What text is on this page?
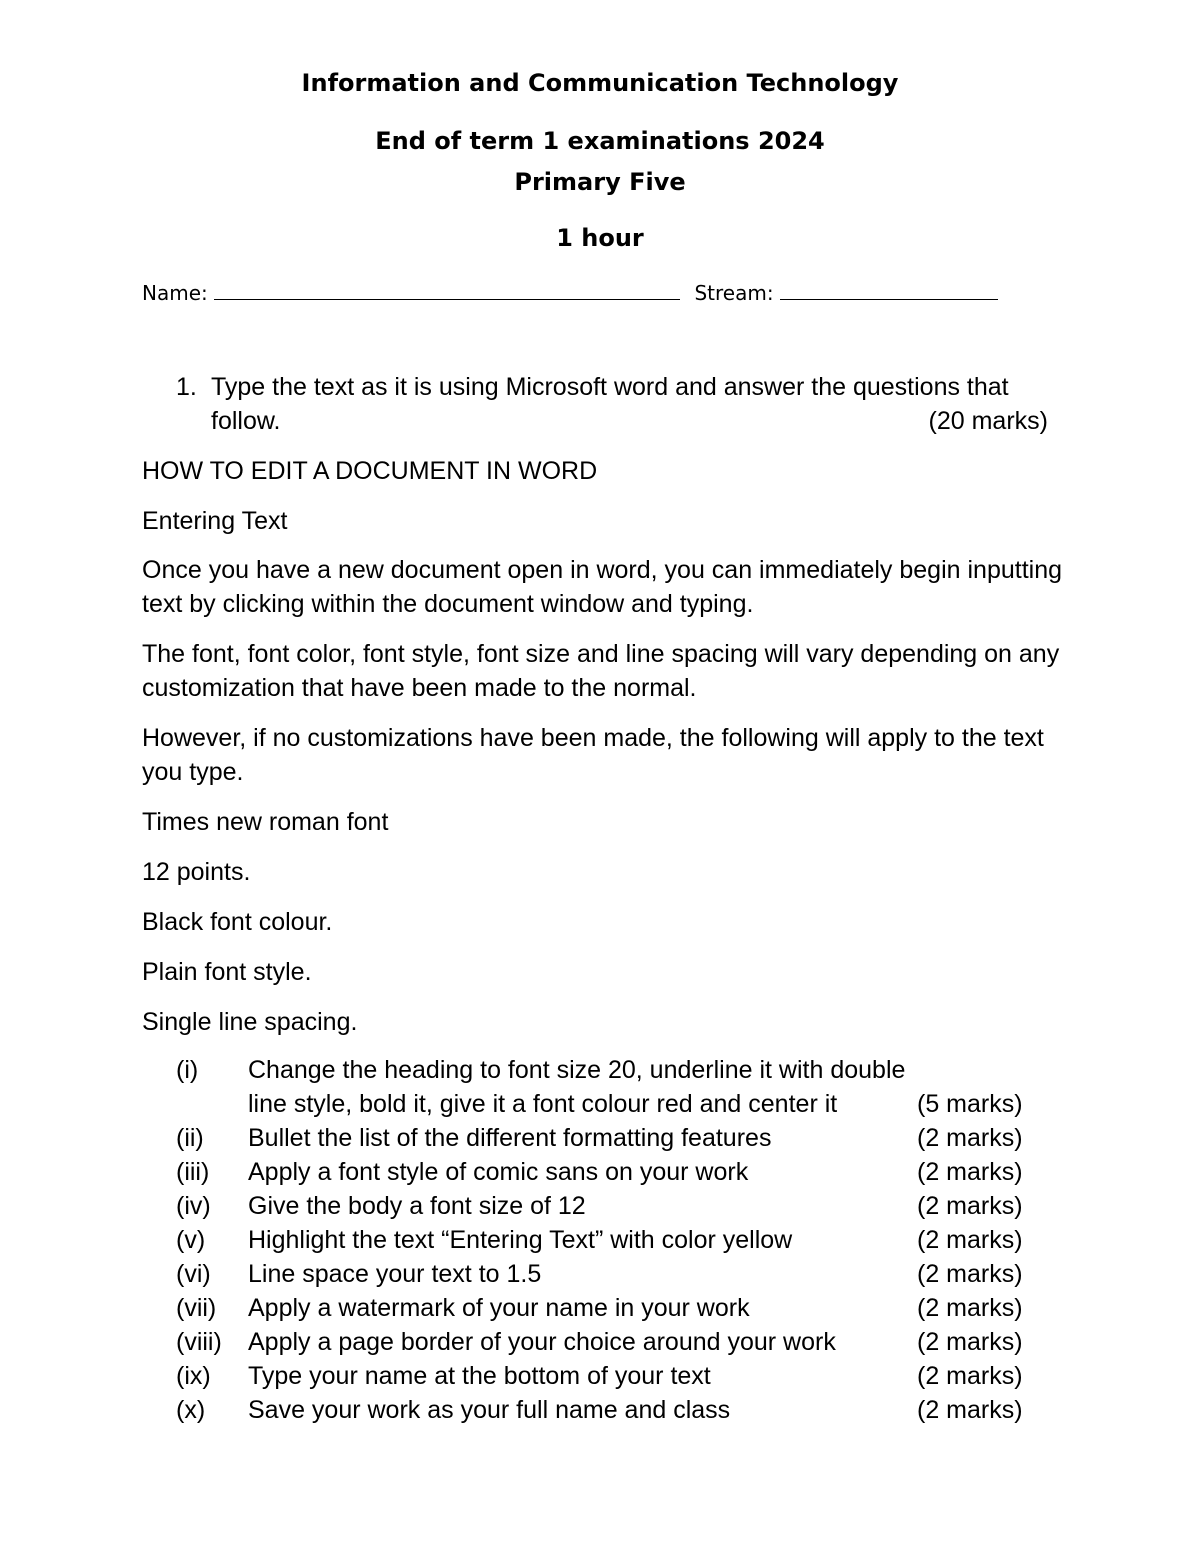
Information and Communication Technology
End of term 1 examinations 2024
Primary Five
1 hour
Name:	Stream:
1. Type the text as it is using Microsoft word and answer the questions that follow.	(20 marks)

HOW TO EDIT A DOCUMENT IN WORD

Entering Text

Once you have a new document open in word, you can immediately begin inputting text by clicking within the document window and typing.

The font, font color, font style, font size and line spacing will vary depending on any customization that have been made to the normal.

However, if no customizations have been made, the following will apply to the text you type.

Times new roman font

12 points.

Black font colour.

Plain font style.

Single line spacing.

(i) Change the heading to font size 20, underline it with double line style, bold it, give it a font colour red and center it	(5 marks)
(ii) Bullet the list of the different formatting features	(2 marks)
(iii) Apply a font style of comic sans on your work	(2 marks)
(iv) Give the body a font size of 12	(2 marks)
(v) Highlight the text “Entering Text” with color yellow	(2 marks)
(vi) Line space your text to 1.5	(2 marks)
(vii) Apply a watermark of your name in your work	(2 marks)
(viii) Apply a page border of your choice around your work	(2 marks)
(ix) Type your name at the bottom of your text	(2 marks)
(x) Save your work as your full name and class	(2 marks)
